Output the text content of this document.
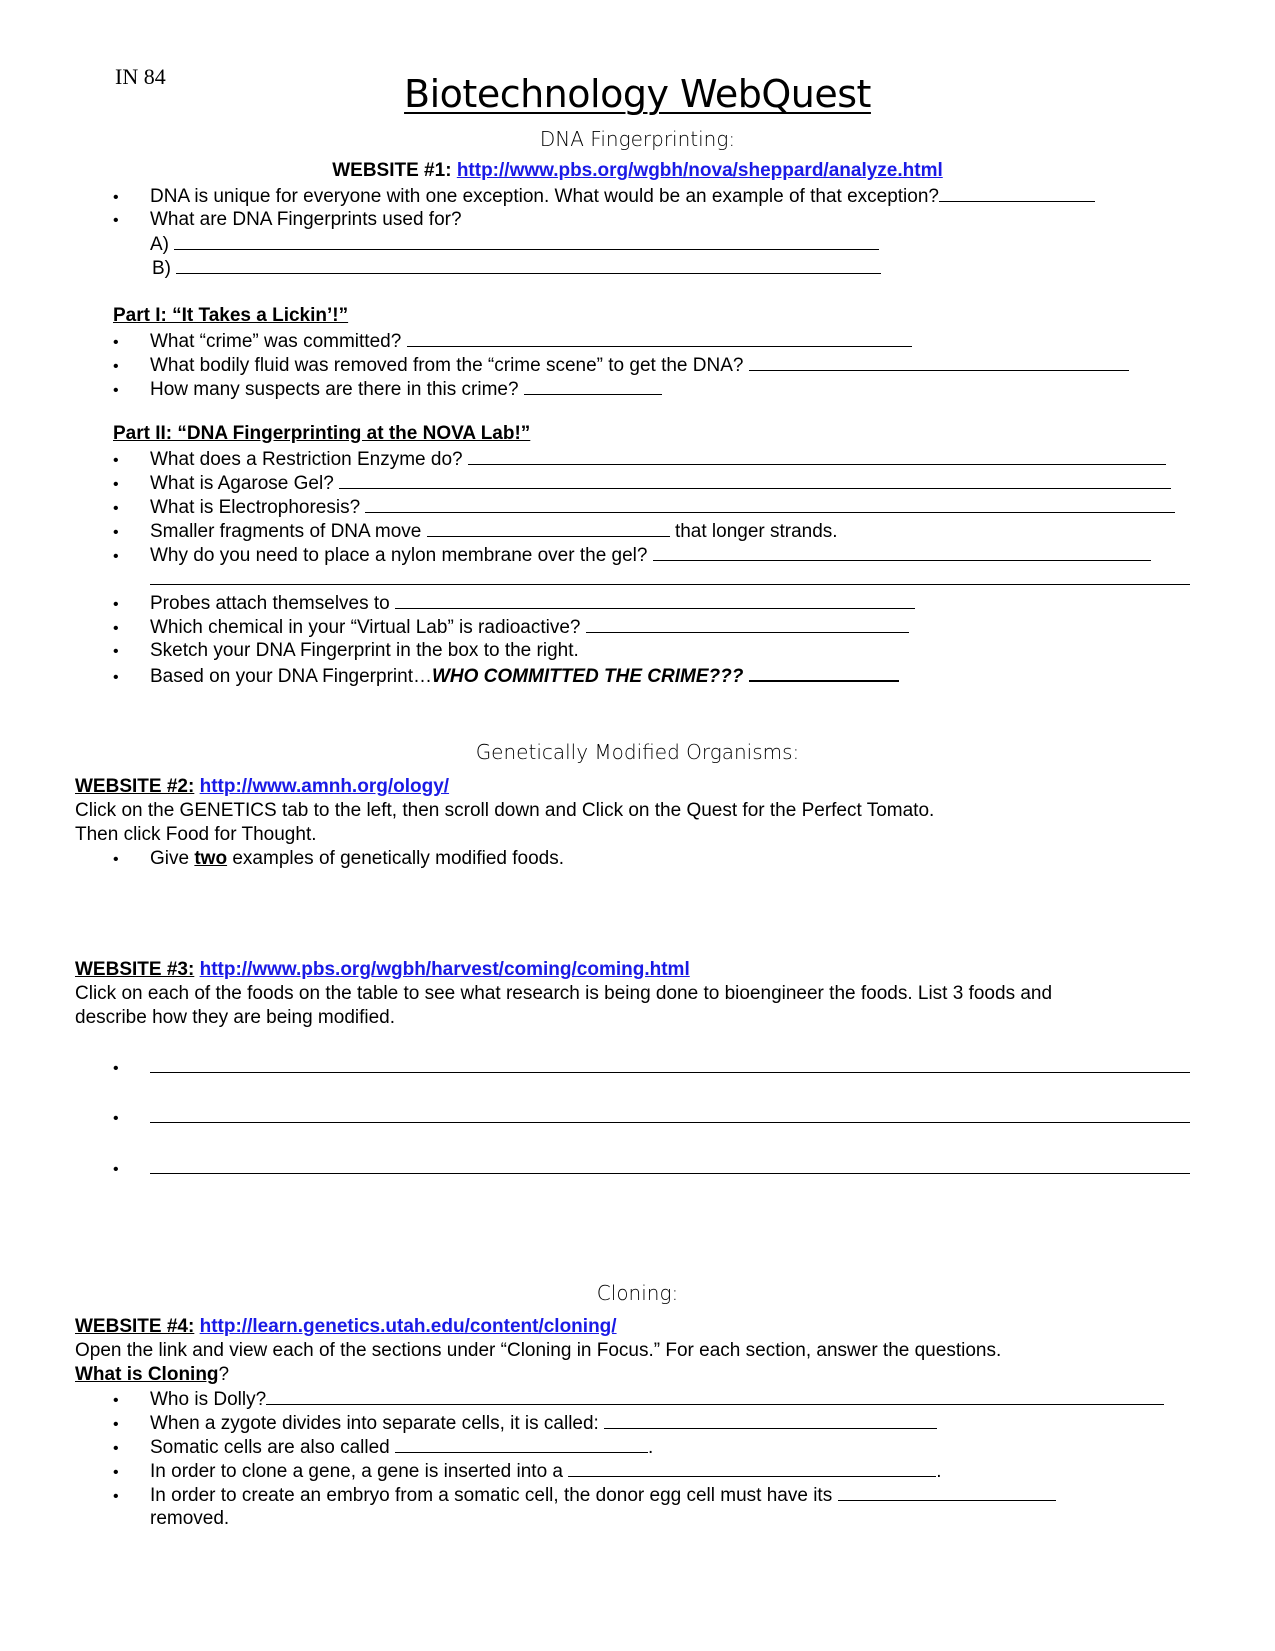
IN 84	Biotechnology WebQuest
DNA Fingerprinting:
WEBSITE #1: http://www.pbs.org/wgbh/nova/sheppard/analyze.html
• DNA is unique for everyone with one exception. What would be an example of that exception?
• What are DNA Fingerprints used for?
A)
B)
Part I: “It Takes a Lickin’!”
• What “crime” was committed?
• What bodily fluid was removed from the “crime scene” to get the DNA?
• How many suspects are there in this crime?
Part II: “DNA Fingerprinting at the NOVA Lab!”
• What does a Restriction Enzyme do?
• What is Agarose Gel?
• What is Electrophoresis?
• Smaller fragments of DNA move	that longer strands.
• Why do you need to place a nylon membrane over the gel?
• Probes attach themselves to
• Which chemical in your “Virtual Lab” is radioactive?
• Sketch your DNA Fingerprint in the box to the right.
• Based on your DNA Fingerprint…WHO COMMITTED THE CRIME???
Genetically Modified Organisms:
WEBSITE #2: http://www.amnh.org/ology/
Click on the GENETICS tab to the left, then scroll down and Click on the Quest for the Perfect Tomato.
Then click Food for Thought.
• Give two examples of genetically modified foods.
WEBSITE #3: http://www.pbs.org/wgbh/harvest/coming/coming.html
Click on each of the foods on the table to see what research is being done to bioengineer the foods. List 3 foods and
describe how they are being modified.
•
•
•
Cloning:
WEBSITE #4: http://learn.genetics.utah.edu/content/cloning/
Open the link and view each of the sections under “Cloning in Focus.” For each section, answer the questions.
What is Cloning?
• Who is Dolly?
• When a zygote divides into separate cells, it is called:
• Somatic cells are also called	.
• In order to clone a gene, a gene is inserted into a	.
• In order to create an embryo from a somatic cell, the donor egg cell must have its
removed.
